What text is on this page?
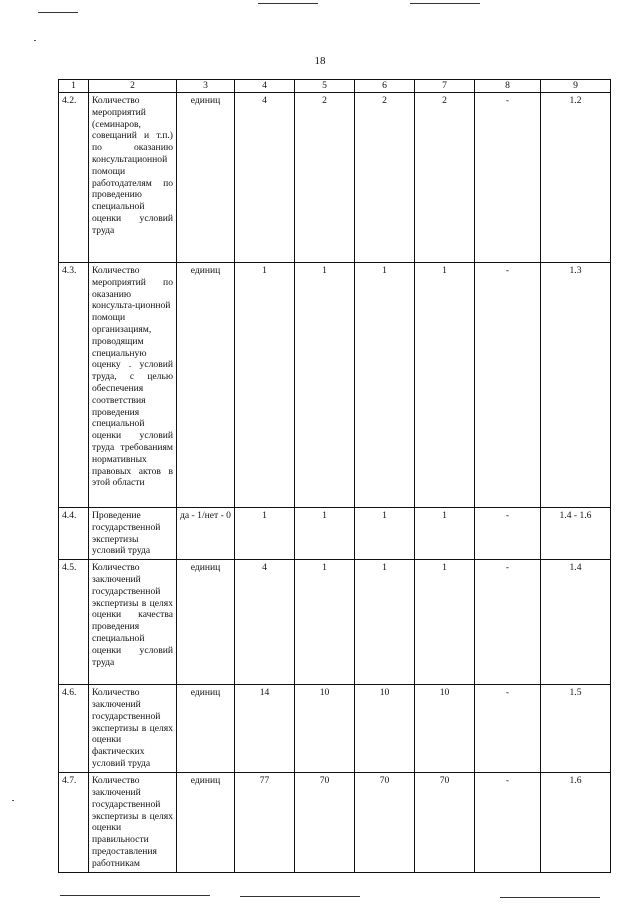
18
1	2	3	4	5	6	7	8	9
4.2.	Количество мероприятий (семинаров, совещаний и т.п.) по оказанию консультационной помощи работодателям по проведению специальной оценки условий труда	единиц	4	2	2	2	-	1.2
4.3.	Количество мероприятий по оказанию консульта-ционной помощи организациям, проводящим специальную оценку . условий труда, с целью обеспечения соответствия проведения специальной оценки условий труда требованиям нормативных правовых актов в этой области	единиц	1	1	1	1	-	1.3
4.4.	Проведение государственной экспертизы условий труда	да - 1/нет - 0	1	1	1	1	-	1.4 - 1.6
4.5.	Количество заключений государственной экспертизы в целях оценки качества проведения специальной оценки условий труда	единиц	4	1	1	1	-	1.4
4.6.	Количество заключений государственной экспертизы в целях оценки фактических условий труда	единиц	14	10	10	10	-	1.5
4.7.	Количество заключений государственной экспертизы в целях оценки правильности предоставления работникам	единиц	77	70	70	70	-	1.6
